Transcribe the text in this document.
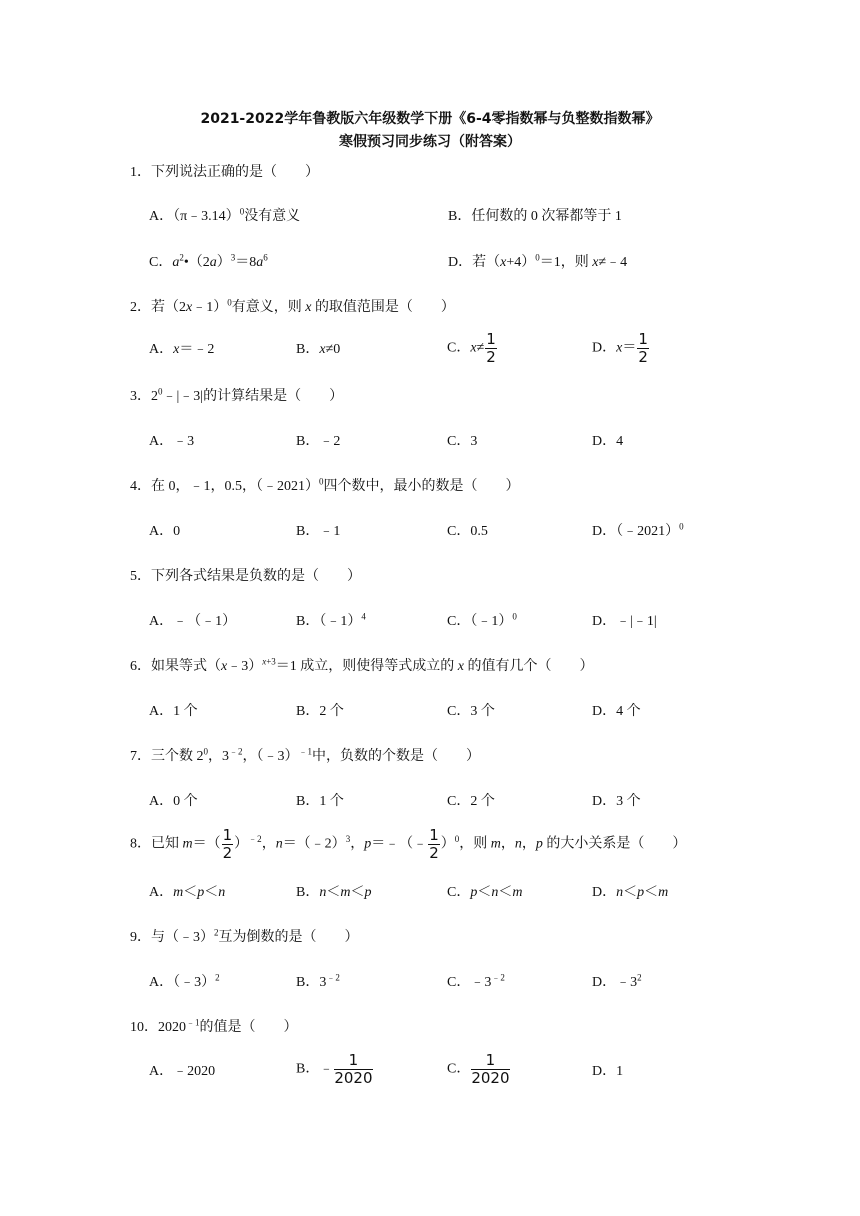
2021-2022学年鲁教版六年级数学下册《6-4零指数幂与负整数指数幂》
寒假预习同步练习（附答案）
1．下列说法正确的是（　　）
A．（π﹣3.14）$^0$没有意义	B．任何数的 0 次幂都等于 1
C．$a^2•(2a)^3=8a^6$	D．若$(x+4)^0=1$，则 x≠﹣4
2．若（2x﹣1）$^0$有意义，则 x 的取值范围是（　　）
A．x＝﹣2	B．x≠0	C．$x\ne \frac{1}{2}$	D．$x= \frac{1}{2}$
3．$2^0﹣|﹣3|$的计算结果是（　　）
A．﹣3	B．﹣2	C．3	D．4
4．在 0，﹣1，0.5，（﹣2021）$^0$四个数中，最小的数是（　　）
A．0	B．﹣1	C．0.5	D．（﹣2021）$^0$
5．下列各式结果是负数的是（　　）
A．﹣（﹣1）	B．（﹣1）$^4$	C．（﹣1）$^0$	D．﹣|﹣1|
6．如果等式（x﹣3）$^{x+3}$＝1 成立，则使得等式成立的 x 的值有几个（　　）
A．1 个	B．2 个	C．3 个	D．4 个
7．三个数 $2^0$，$3^{﹣2}$，（﹣3）$^{﹣1}$中，负数的个数是（　　）
A．0 个	B．1 个	C．2 个	D．3 个
8．已知 $m=( \frac{1}{2} )^{﹣2}$，n＝（﹣2）$^3$，p＝﹣（﹣ $\frac{1}{2} )^0$，则 m，n，p 的大小关系是（　　）
A．m＜p＜n	B．n＜m＜p	C．p＜n＜m	D．n＜p＜m
9．与（﹣3）$^2$互为倒数的是（　　）
A．（﹣3）$^2$	B．$3^{﹣2}$	C．$﹣3^{﹣2}$	D．$﹣3^2$
10．$2020^{﹣1}$的值是（　　）
A．﹣2020	B．﹣ $\frac{1}{2020}$	C． $\frac{1}{2020}$	D．1
